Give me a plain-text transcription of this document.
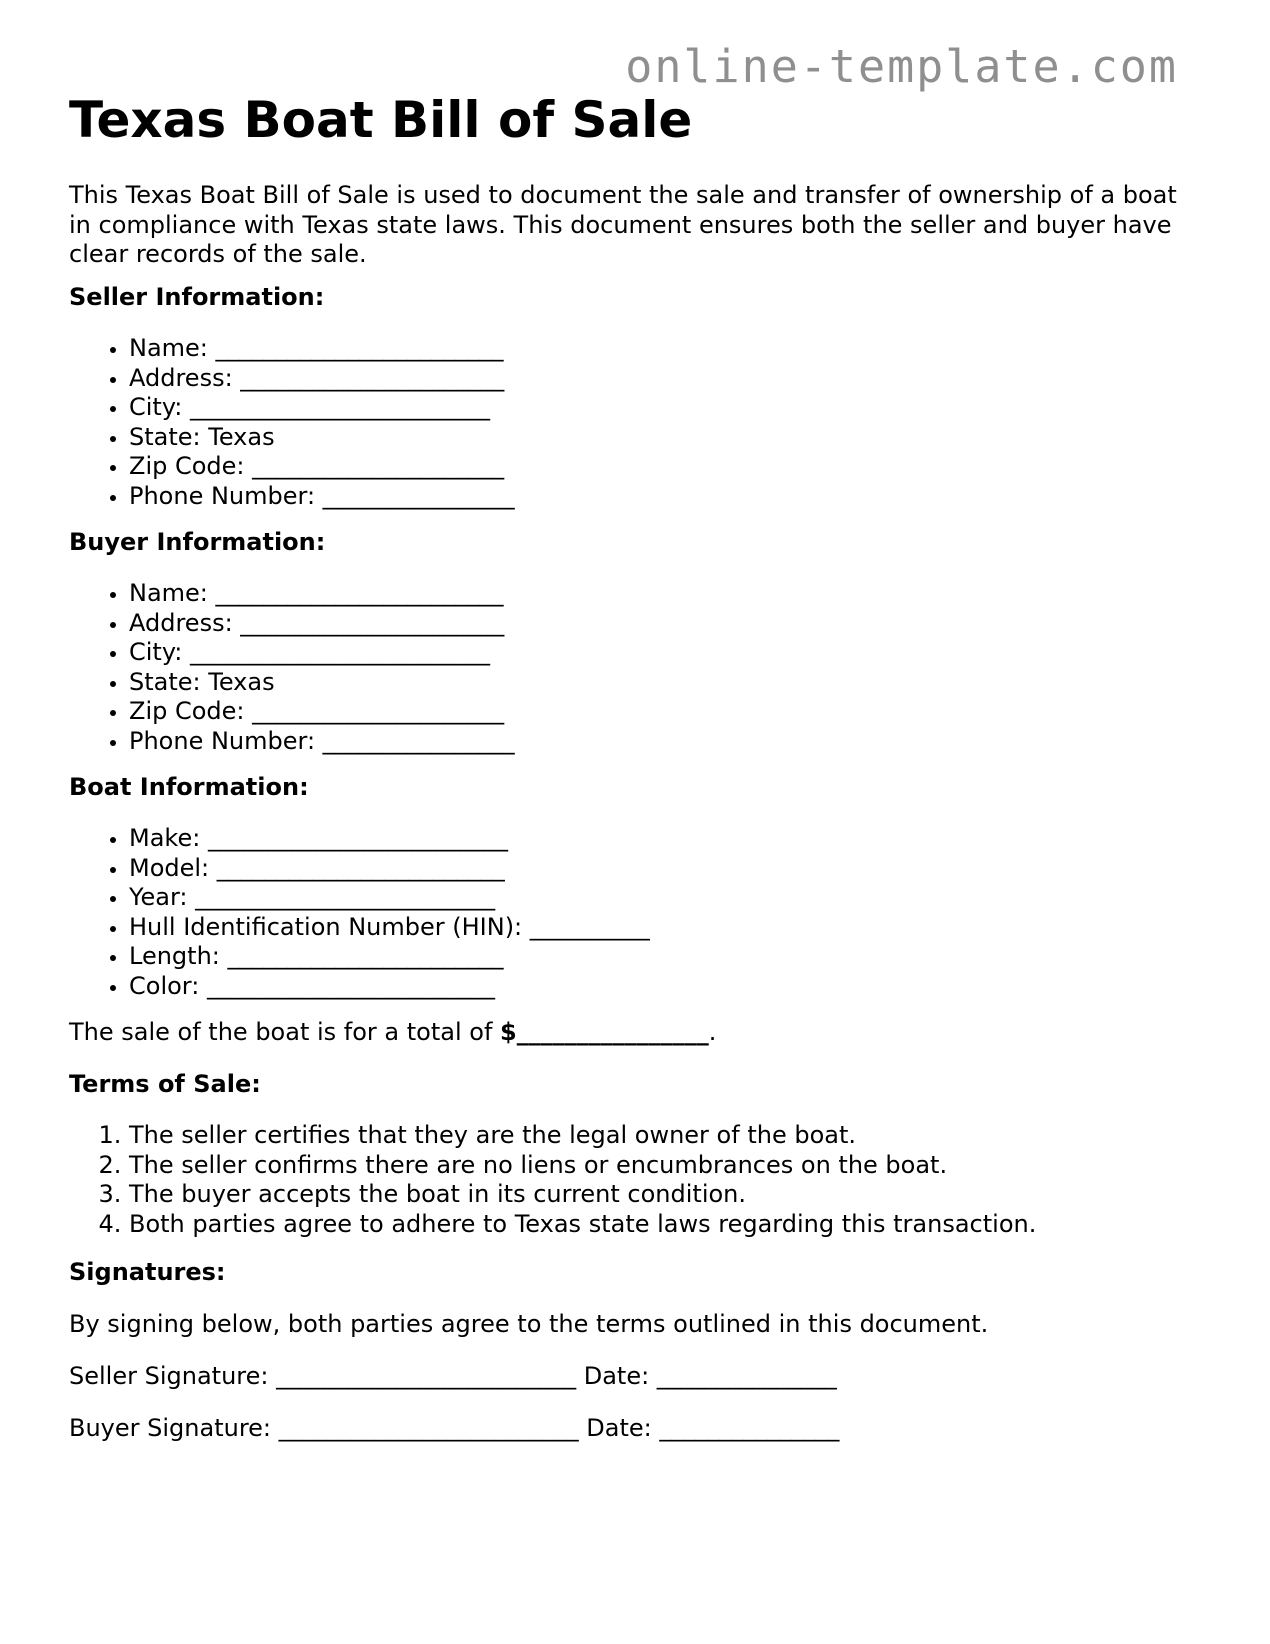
online-template.com
Texas Boat Bill of Sale

This Texas Boat Bill of Sale is used to document the sale and transfer of ownership of a boat in compliance with Texas state laws. This document ensures both the seller and buyer have clear records of the sale.

Seller Information:

• Name: ________________________
• Address: ______________________
• City: _________________________
• State: Texas
• Zip Code: _____________________
• Phone Number: ________________

Buyer Information:

• Name: ________________________
• Address: ______________________
• City: _________________________
• State: Texas
• Zip Code: _____________________
• Phone Number: ________________

Boat Information:

• Make: _________________________
• Model: ________________________
• Year: _________________________
• Hull Identification Number (HIN): __________
• Length: _______________________
• Color: ________________________

The sale of the boat is for a total of $________________.

Terms of Sale:

1. The seller certifies that they are the legal owner of the boat.
2. The seller confirms there are no liens or encumbrances on the boat.
3. The buyer accepts the boat in its current condition.
4. Both parties agree to adhere to Texas state laws regarding this transaction.

Signatures:

By signing below, both parties agree to the terms outlined in this document.

Seller Signature: _________________________ Date: _______________

Buyer Signature: _________________________ Date: _______________
